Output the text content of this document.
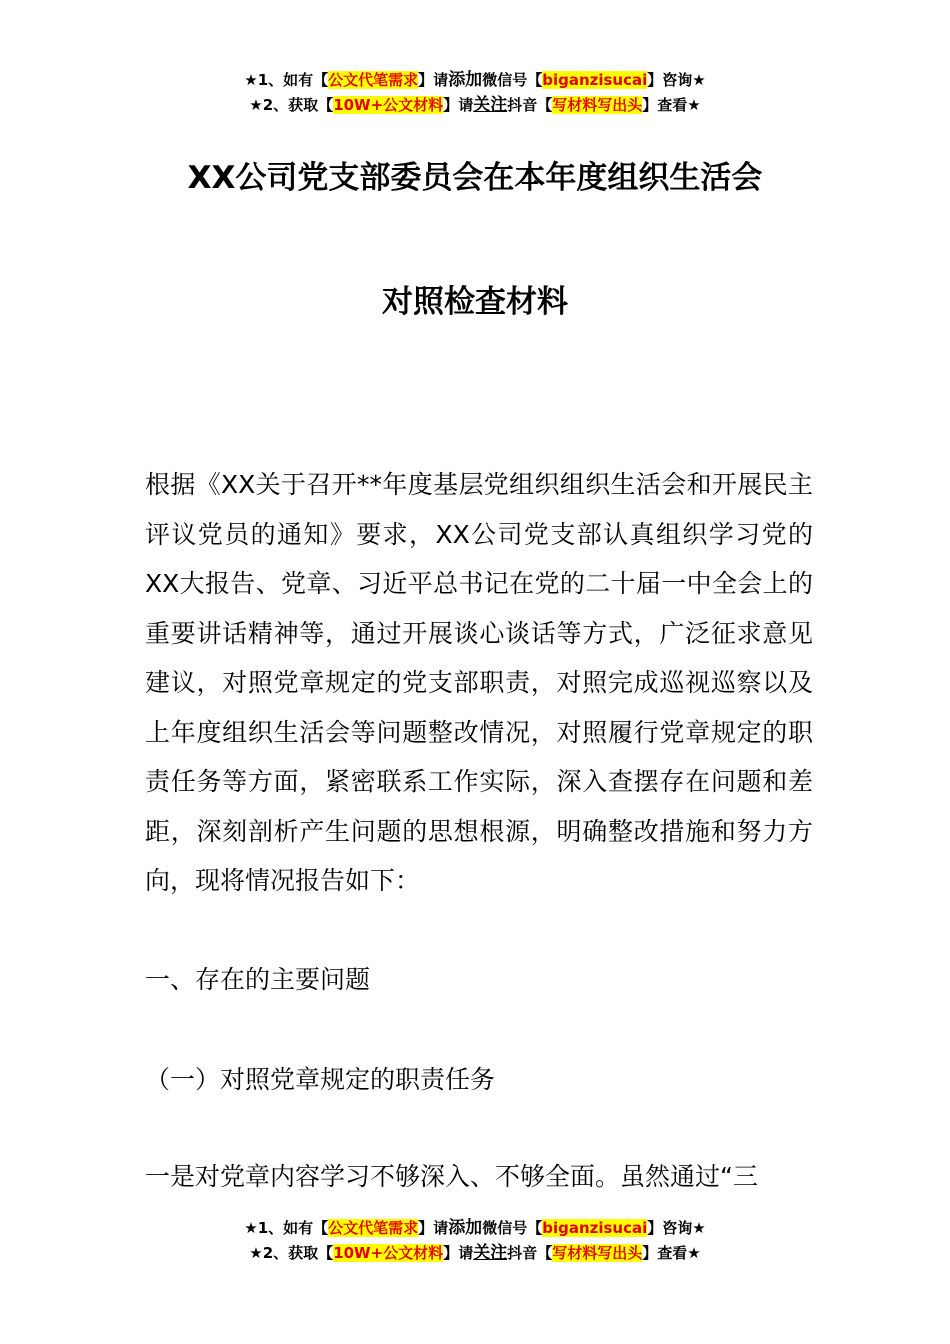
★1、如有【公文代笔需求】请添加微信号【biganzisucai】咨询★
★2、获取【10W+公文材料】请关注抖音【写材料写出头】查看★
XX公司党支部委员会在本年度组织生活会
对照检查材料

根据《XX关于召开**年度基层党组织组织生活会和开展民主评议党员的通知》要求，XX公司党支部认真组织学习党的XX大报告、党章、习近平总书记在党的二十届一中全会上的重要讲话精神等，通过开展谈心谈话等方式，广泛征求意见建议，对照党章规定的党支部职责，对照完成巡视巡察以及上年度组织生活会等问题整改情况，对照履行党章规定的职责任务等方面，紧密联系工作实际，深入查摆存在问题和差距，深刻剖析产生问题的思想根源，明确整改措施和努力方向，现将情况报告如下：

一、存在的主要问题
（一）对照党章规定的职责任务

一是对党章内容学习不够深入、不够全面。虽然通过“三

★1、如有【公文代笔需求】请添加微信号【biganzisucai】咨询★
★2、获取【10W+公文材料】请关注抖音【写材料写出头】查看★
